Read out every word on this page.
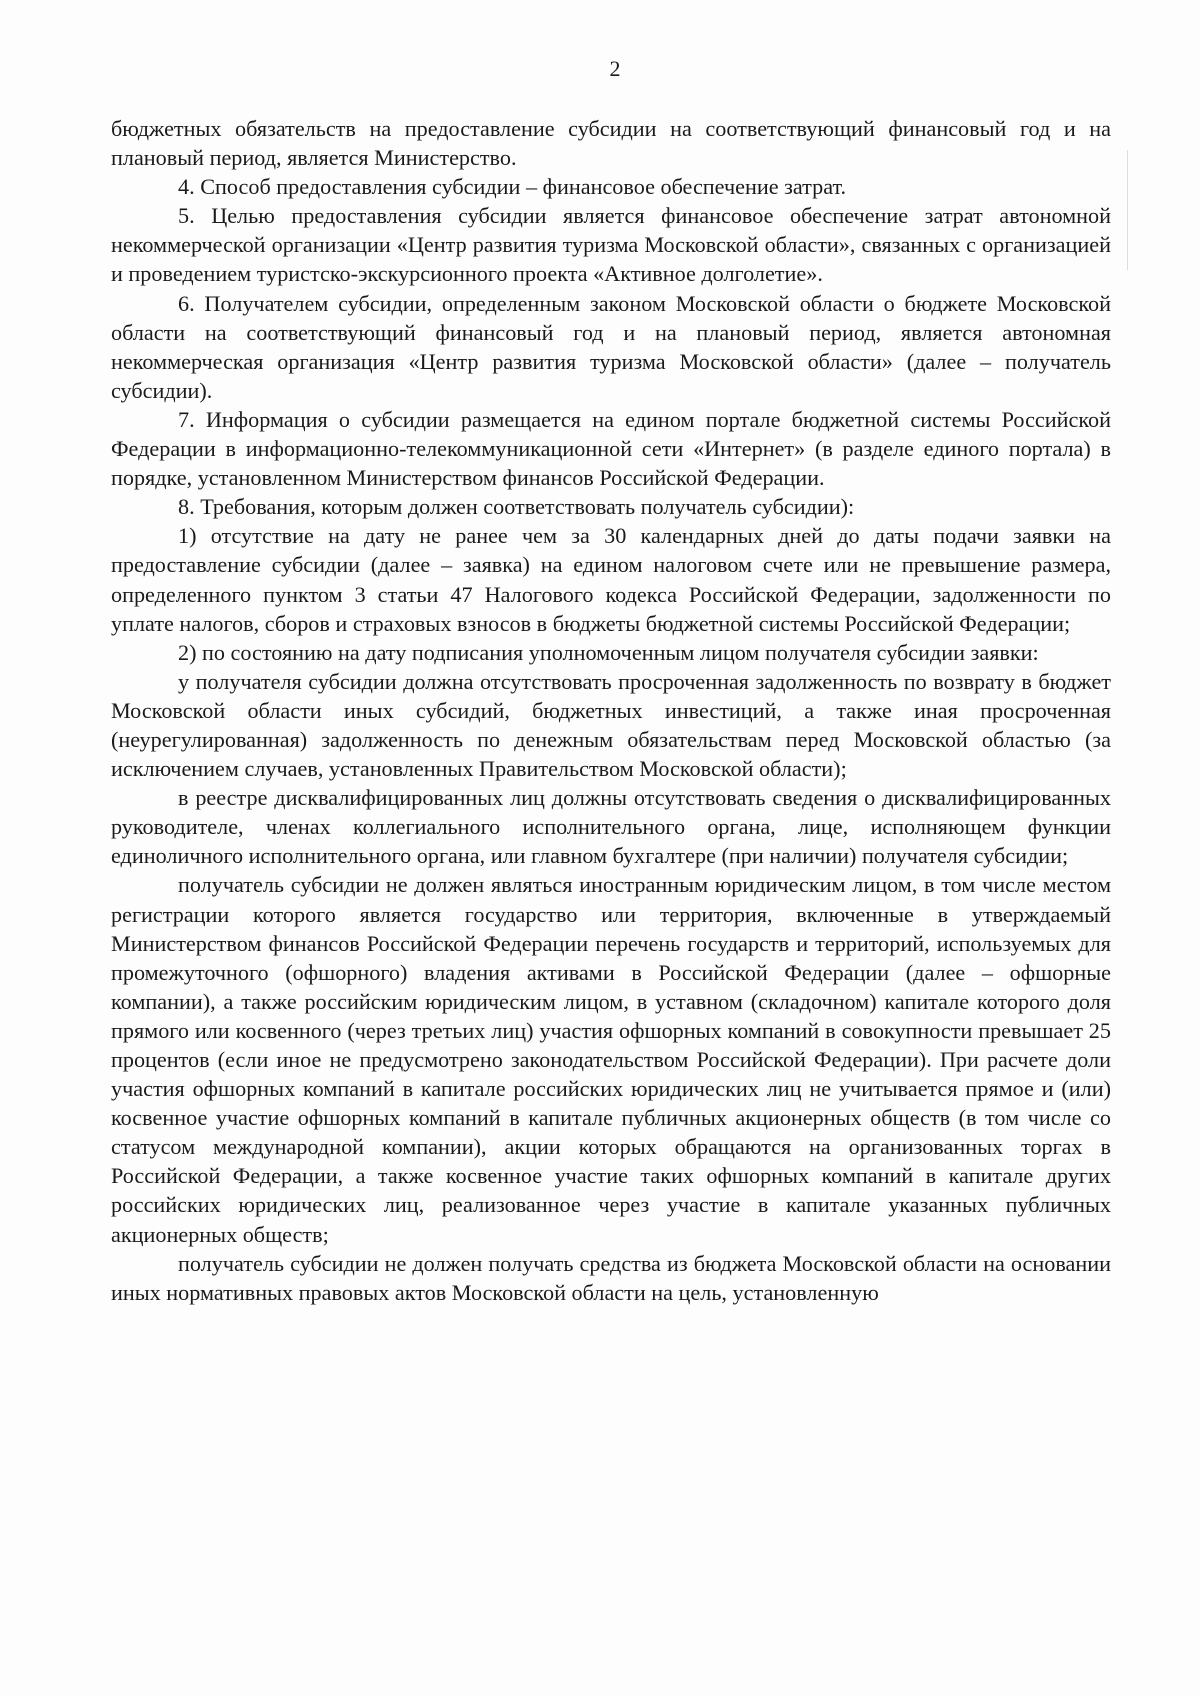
2

бюджетных обязательств на предоставление субсидии на соответствующий финансовый год и на плановый период, является Министерство.

4. Способ предоставления субсидии – финансовое обеспечение затрат.

5. Целью предоставления субсидии является финансовое обеспечение затрат автономной некоммерческой организации «Центр развития туризма Московской области», связанных с организацией и проведением туристско-экскурсионного проекта «Активное долголетие».

6. Получателем субсидии, определенным законом Московской области о бюджете Московской области на соответствующий финансовый год и на плановый период, является автономная некоммерческая организация «Центр развития туризма Московской области» (далее – получатель субсидии).

7. Информация о субсидии размещается на едином портале бюджетной системы Российской Федерации в информационно-телекоммуникационной сети «Интернет» (в разделе единого портала) в порядке, установленном Министерством финансов Российской Федерации.

8. Требования, которым должен соответствовать получатель субсидии):

1) отсутствие на дату не ранее чем за 30 календарных дней до даты подачи заявки на предоставление субсидии (далее – заявка) на едином налоговом счете или не превышение размера, определенного пунктом 3 статьи 47 Налогового кодекса Российской Федерации, задолженности по уплате налогов, сборов и страховых взносов в бюджеты бюджетной системы Российской Федерации;

2) по состоянию на дату подписания уполномоченным лицом получателя субсидии заявки:

у получателя субсидии должна отсутствовать просроченная задолженность по возврату в бюджет Московской области иных субсидий, бюджетных инвестиций, а также иная просроченная (неурегулированная) задолженность по денежным обязательствам перед Московской областью (за исключением случаев, установленных Правительством Московской области);

в реестре дисквалифицированных лиц должны отсутствовать сведения о дисквалифицированных руководителе, членах коллегиального исполнительного органа, лице, исполняющем функции единоличного исполнительного органа, или главном бухгалтере (при наличии) получателя субсидии;

получатель субсидии не должен являться иностранным юридическим лицом, в том числе местом регистрации которого является государство или территория, включенные в утверждаемый Министерством финансов Российской Федерации перечень государств и территорий, используемых для промежуточного (офшорного) владения активами в Российской Федерации (далее – офшорные компании), а также российским юридическим лицом, в уставном (складочном) капитале которого доля прямого или косвенного (через третьих лиц) участия офшорных компаний в совокупности превышает 25 процентов (если иное не предусмотрено законодательством Российской Федерации). При расчете доли участия офшорных компаний в капитале российских юридических лиц не учитывается прямое и (или) косвенное участие офшорных компаний в капитале публичных акционерных обществ (в том числе со статусом международной компании), акции которых обращаются на организованных торгах в Российской Федерации, а также косвенное участие таких офшорных компаний в капитале других российских юридических лиц, реализованное через участие в капитале указанных публичных акционерных обществ;

получатель субсидии не должен получать средства из бюджета Московской области на основании иных нормативных правовых актов Московской области на цель, установленную
